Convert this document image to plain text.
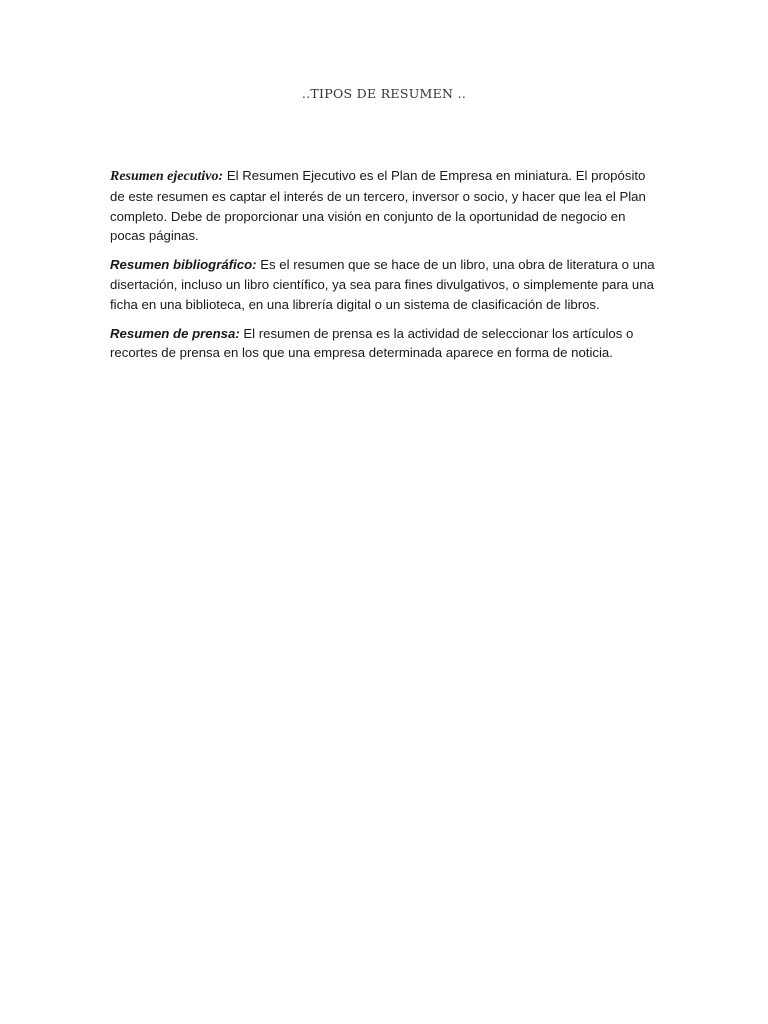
..TIPOS DE RESUMEN ..

Resumen ejecutivo: El Resumen Ejecutivo es el Plan de Empresa en miniatura. El propósito de este resumen es captar el interés de un tercero, inversor o socio, y hacer que lea el Plan completo. Debe de proporcionar una visión en conjunto de la oportunidad de negocio en pocas páginas.

Resumen bibliográfico: Es el resumen que se hace de un libro, una obra de literatura o una disertación, incluso un libro científico, ya sea para fines divulgativos, o simplemente para una ficha en una biblioteca, en una librería digital o un sistema de clasificación de libros.

Resumen de prensa: El resumen de prensa es la actividad de seleccionar los artículos o recortes de prensa en los que una empresa determinada aparece en forma de noticia.
